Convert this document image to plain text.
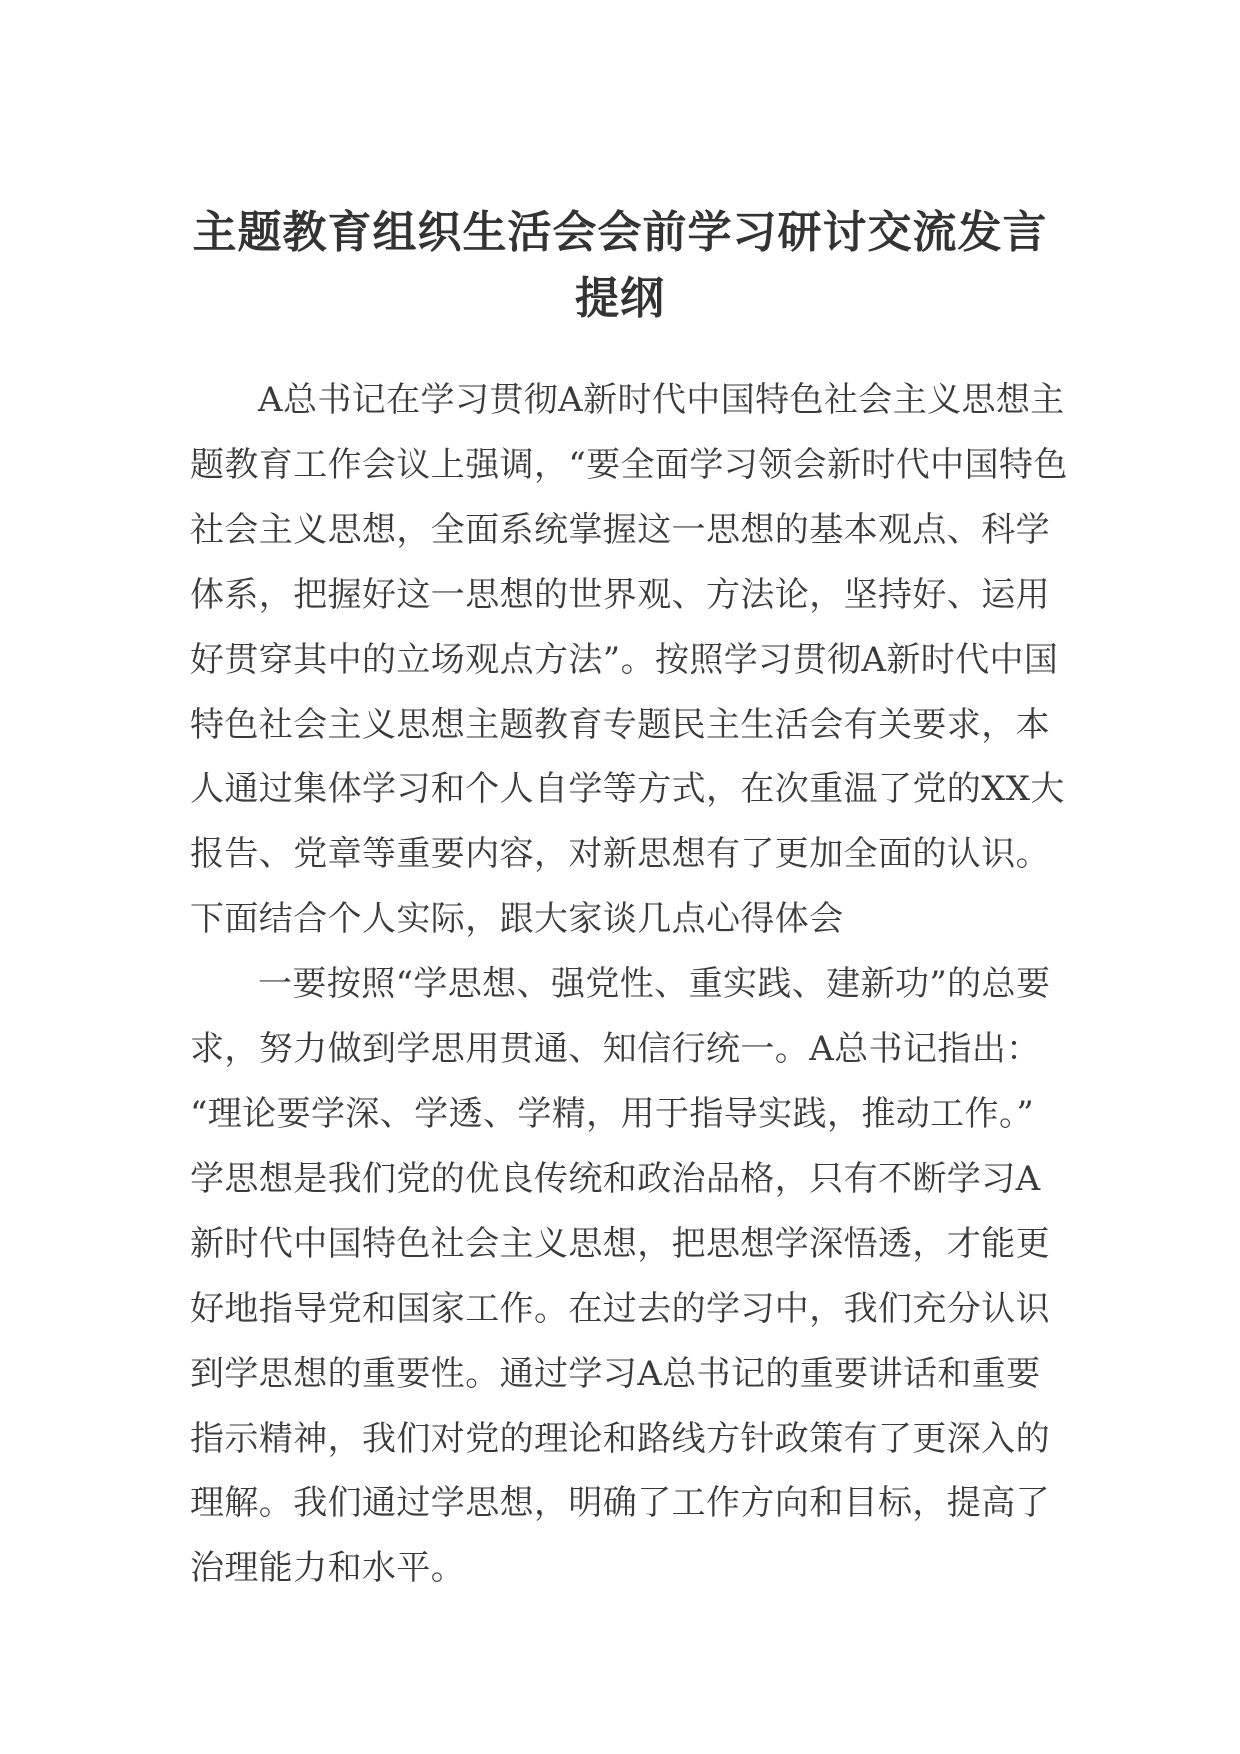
主题教育组织生活会会前学习研讨交流发言
提纲

A总书记在学习贯彻A新时代中国特色社会主义思想主题教育工作会议上强调，“要全面学习领会新时代中国特色社会主义思想，全面系统掌握这一思想的基本观点、科学体系，把握好这一思想的世界观、方法论，坚持好、运用好贯穿其中的立场观点方法”。按照学习贯彻A新时代中国特色社会主义思想主题教育专题民主生活会有关要求，本人通过集体学习和个人自学等方式，在次重温了党的XX大报告、党章等重要内容，对新思想有了更加全面的认识。下面结合个人实际，跟大家谈几点心得体会

一要按照“学思想、强党性、重实践、建新功”的总要求，努力做到学思用贯通、知信行统一。A总书记指出：
“理论要学深、学透、学精，用于指导实践，推动工作。”
学思想是我们党的优良传统和政治品格，只有不断学习A新时代中国特色社会主义思想，把思想学深悟透，才能更好地指导党和国家工作。在过去的学习中，我们充分认识到学思想的重要性。通过学习A总书记的重要讲话和重要指示精神，我们对党的理论和路线方针政策有了更深入的理解。我们通过学思想，明确了工作方向和目标，提高了治理能力和水平。
